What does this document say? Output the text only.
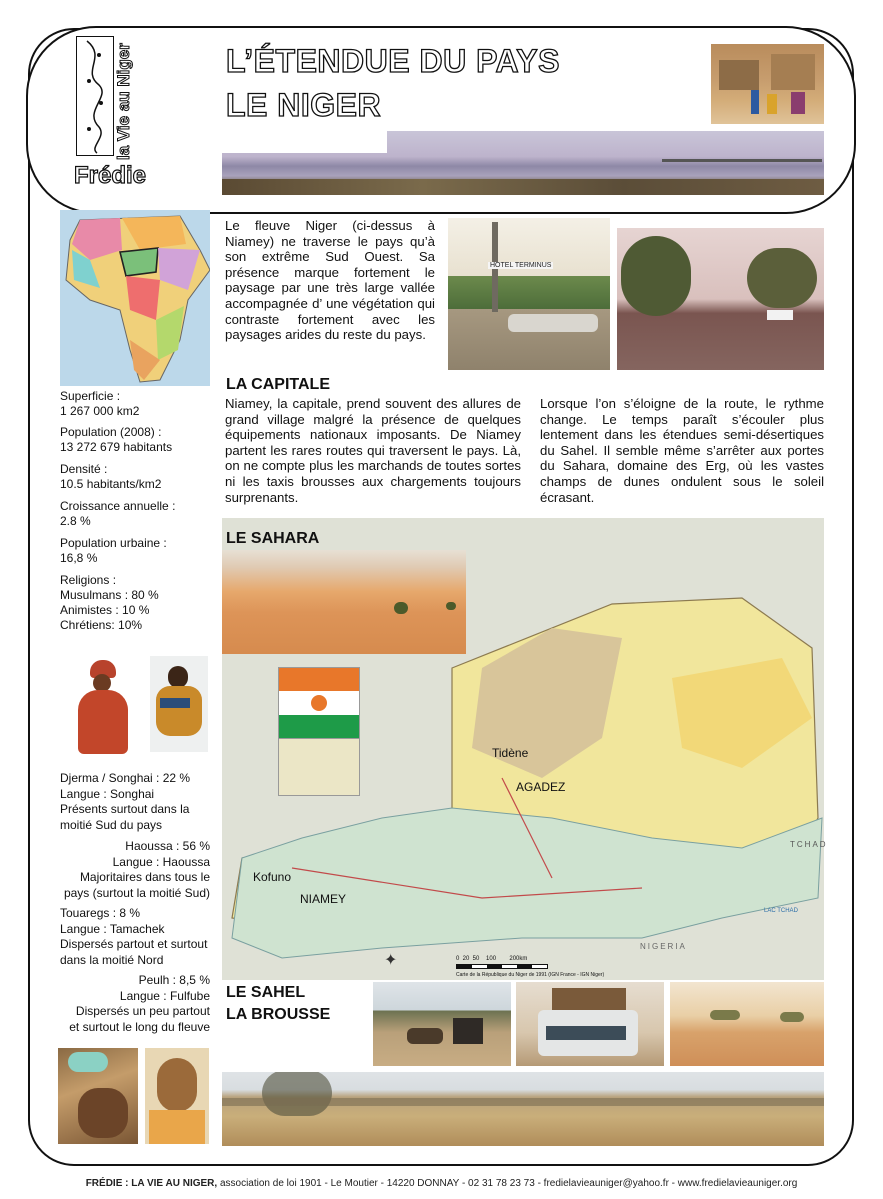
la Vie au Niger
Frédie
L’ÉTENDUE DU PAYS
LE NIGER
Superficie :
1 267 000 km2
Population (2008) :
13 272 679 habitants
Densité :
10.5 habitants/km2
Croissance annuelle :
2.8 %
Population urbaine :
16,8 %
Religions :
Musulmans : 80 %
Animistes : 10 %
Chrétiens: 10%
Djerma / Songhai : 22 %
Langue : Songhai
Présents surtout dans la
moitié Sud du pays
Haoussa : 56 %
Langue : Haoussa
Majoritaires dans tous le
pays (surtout la moitié Sud)
Touaregs : 8 %
Langue : Tamachek
Dispersés partout et surtout
dans la moitié Nord
Peulh : 8,5 %
Langue : Fulfube
Dispersés un peu partout
et surtout le long du fleuve
Le fleuve Niger (ci-dessus à Niamey) ne traverse le pays qu’à son extrême Sud Ouest. Sa présence marque fortement le paysage par une très large vallée accompagnée d’ une végétation qui contraste fortement avec les paysages arides du reste du pays.
HOTEL TERMINUS
LA CAPITALE
Niamey, la capitale, prend souvent des allures de grand village malgré la présence de quelques équipements nationaux imposants. De Niamey partent les rares routes qui traversent le pays. Là, on ne compte plus les marchands de toutes sortes ni les taxis brousses aux chargements toujours surprenants.
Lorsque l’on s’éloigne de la route, le rythme change. Le temps paraît s’écouler plus lentement dans les étendues semi-désertiques du Sahel. Il semble même s’arrêter aux portes du Sahara, domaine des Erg, où les vastes champs de dunes ondulent sous le soleil écrasant.
LE SAHARA
Tidène
AGADEZ
Kofuno
NIAMEY
TCHAD
LAC TCHAD
NIGERIA
✦	0  20  50    100        200km
Carte de la République du Niger de 1991 (IGN France - IGN Niger)
LE SAHEL
LA BROUSSE
FRÉDIE : LA VIE AU NIGER, association de loi 1901 - Le Moutier - 14220 DONNAY - 02 31 78 23 73 - fredielavieauniger@yahoo.fr - www.fredielavieauniger.org
